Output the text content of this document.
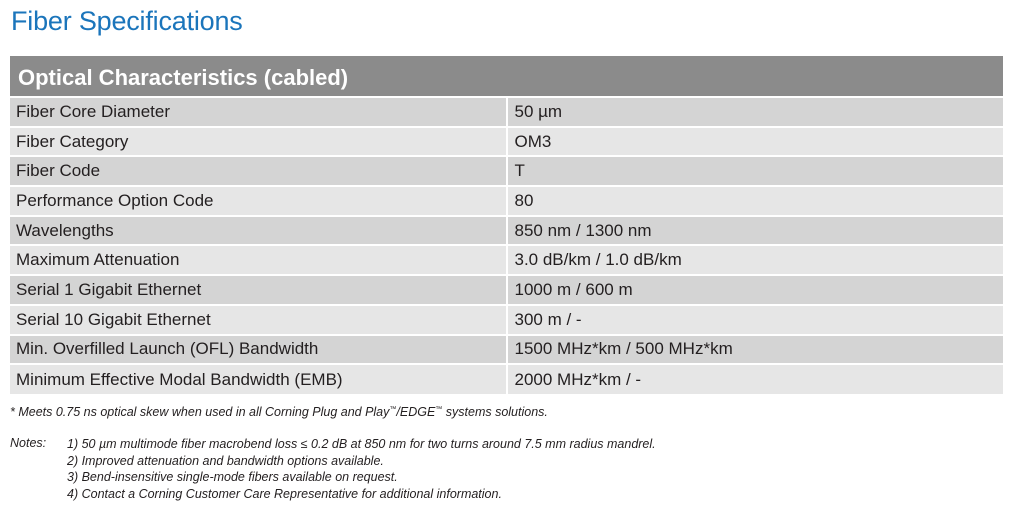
Fiber Specifications
Optical Characteristics (cabled)	
Fiber Core Diameter	50 µm
Fiber Category	OM3
Fiber Code	T
Performance Option Code	80
Wavelengths	850 nm / 1300 nm
Maximum Attenuation	3.0 dB/km / 1.0 dB/km
Serial 1 Gigabit Ethernet	1000 m / 600 m
Serial 10 Gigabit Ethernet	300 m / -
Min. Overfilled Launch (OFL) Bandwidth	1500 MHz*km / 500 MHz*km
Minimum Effective Modal Bandwidth (EMB)	2000 MHz*km / -

* Meets 0.75 ns optical skew when used in all Corning Plug and Play™/EDGE™ systems solutions.

Notes: 1) 50 µm multimode fiber macrobend loss ≤ 0.2 dB at 850 nm for two turns around 7.5 mm radius mandrel.
2) Improved attenuation and bandwidth options available.
3) Bend-insensitive single-mode fibers available on request.
4) Contact a Corning Customer Care Representative for additional information.
